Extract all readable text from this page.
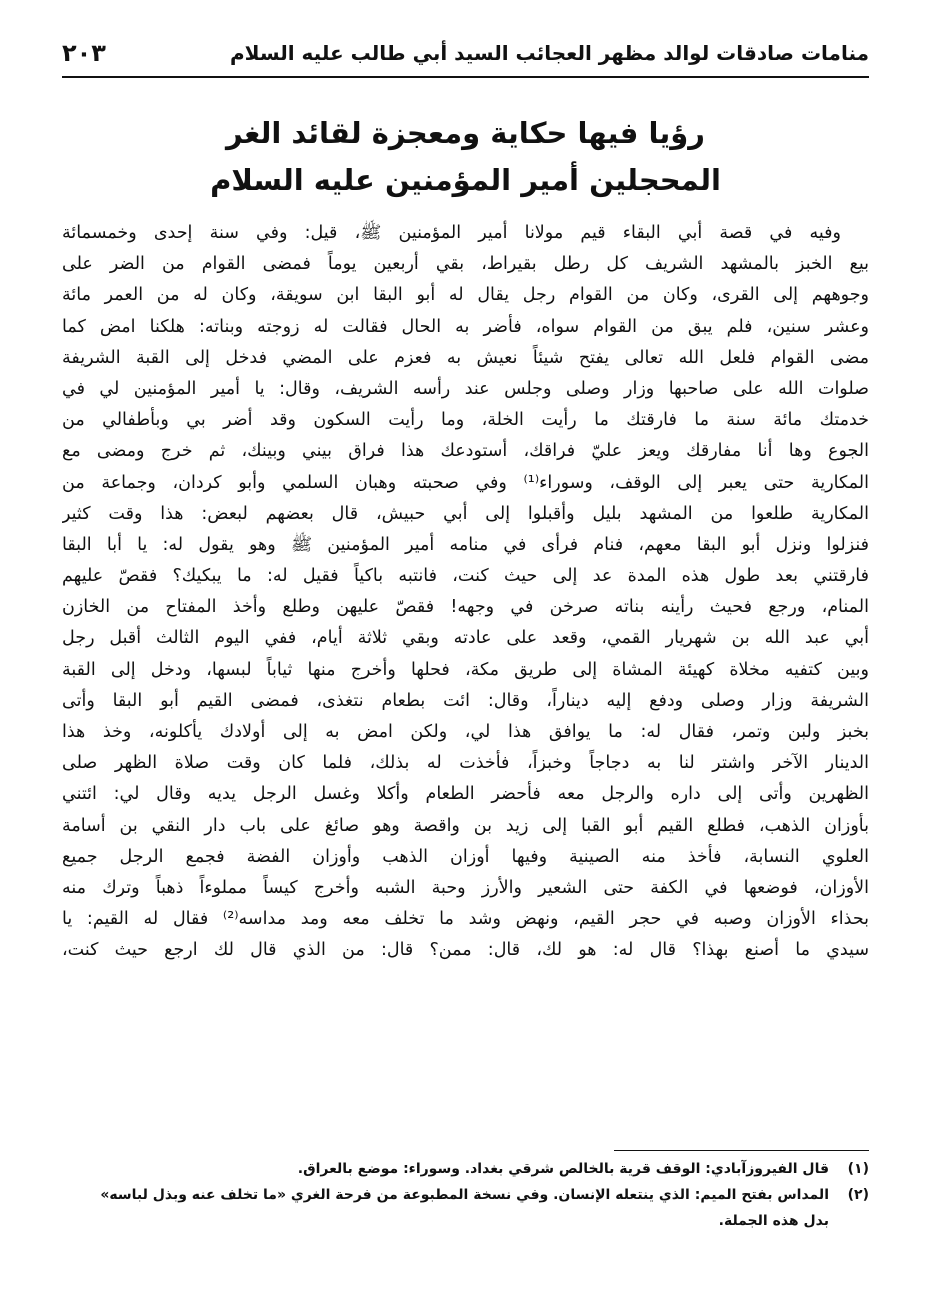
منامات صادقات لوالد مظهر العجائب السيد أبي طالب عليه السلام
٢٠٣
رؤيا فيها حكاية ومعجزة لقائد الغر
المحجلين أمير المؤمنين عليه السلام
وفيه في قصة أبي البقاء قيم مولانا أمير المؤمنين ﷺ، قيل: وفي سنة إحدى وخمسمائة
بيع الخبز بالمشهد الشريف كل رطل بقيراط، بقي أربعين يوماً فمضى القوام من الضر على
وجوههم إلى القرى، وكان من القوام رجل يقال له أبو البقا ابن سويقة، وكان له من العمر مائة
وعشر سنين، فلم يبق من القوام سواه، فأضر به الحال فقالت له زوجته وبناته: هلكنا امض كما
مضى القوام فلعل الله تعالى يفتح شيئاً نعيش به فعزم على المضي فدخل إلى القبة الشريفة
صلوات الله على صاحبها وزار وصلى وجلس عند رأسه الشريف، وقال: يا أمير المؤمنين لي في
خدمتك مائة سنة ما فارقتك ما رأيت الخلة، وما رأيت السكون وقد أضر بي وبأطفالي من
الجوع وها أنا مفارقك ويعز عليّ فراقك، أستودعك هذا فراق بيني وبينك، ثم خرج ومضى مع
المكارية حتى يعبر إلى الوقف، وسوراء⁽¹⁾ وفي صحبته وهبان السلمي وأبو كردان، وجماعة من
المكارية طلعوا من المشهد بليل وأقبلوا إلى أبي حبيش، قال بعضهم لبعض: هذا وقت كثير
فنزلوا ونزل أبو البقا معهم، فنام فرأى في منامه أمير المؤمنين ﷺ وهو يقول له: يا أبا البقا
فارقتني بعد طول هذه المدة عد إلى حيث كنت، فانتبه باكياً فقيل له: ما يبكيك؟ فقصّ عليهم
المنام، ورجع فحيث رأينه بناته صرخن في وجهه! فقصّ عليهن وطلع وأخذ المفتاح من الخازن
أبي عبد الله بن شهريار القمي، وقعد على عادته وبقي ثلاثة أيام، ففي اليوم الثالث أقبل رجل
وبين كتفيه مخلاة كهيئة المشاة إلى طريق مكة، فحلها وأخرج منها ثياباً لبسها، ودخل إلى القبة
الشريفة وزار وصلى ودفع إليه ديناراً، وقال: ائت بطعام نتغذى، فمضى القيم أبو البقا وأتى
بخبز ولبن وتمر، فقال له: ما يوافق هذا لي، ولكن امض به إلى أولادك يأكلونه، وخذ هذا
الدينار الآخر واشتر لنا به دجاجاً وخبزاً، فأخذت له بذلك، فلما كان وقت صلاة الظهر صلى
الظهرين وأتى إلى داره والرجل معه فأحضر الطعام وأكلا وغسل الرجل يديه وقال لي: ائتني
بأوزان الذهب، فطلع القيم أبو القبا إلى زيد بن واقصة وهو صائغ على باب دار النقي بن أسامة
العلوي النسابة، فأخذ منه الصينية وفيها أوزان الذهب وأوزان الفضة فجمع الرجل جميع
الأوزان، فوضعها في الكفة حتى الشعير والأرز وحبة الشبه وأخرج كيساً مملوءاً ذهباً وترك منه
بحذاء الأوزان وصبه في حجر القيم، ونهض وشد ما تخلف معه ومد مداسه⁽²⁾ فقال له القيم: يا
سيدي ما أصنع بهذا؟ قال له: هو لك، قال: ممن؟ قال: من الذي قال لك ارجع حيث كنت،
(١)
قال الفيروزآبادي: الوقف قرية بالخالص شرقي بغداد. وسوراء: موضع بالعراق.
(٢)
المداس بفتح الميم: الذي ينتعله الإنسان. وفي نسخة المطبوعة من فرحة الغري «ما تخلف عنه وبذل لباسه»
بدل هذه الجملة.
